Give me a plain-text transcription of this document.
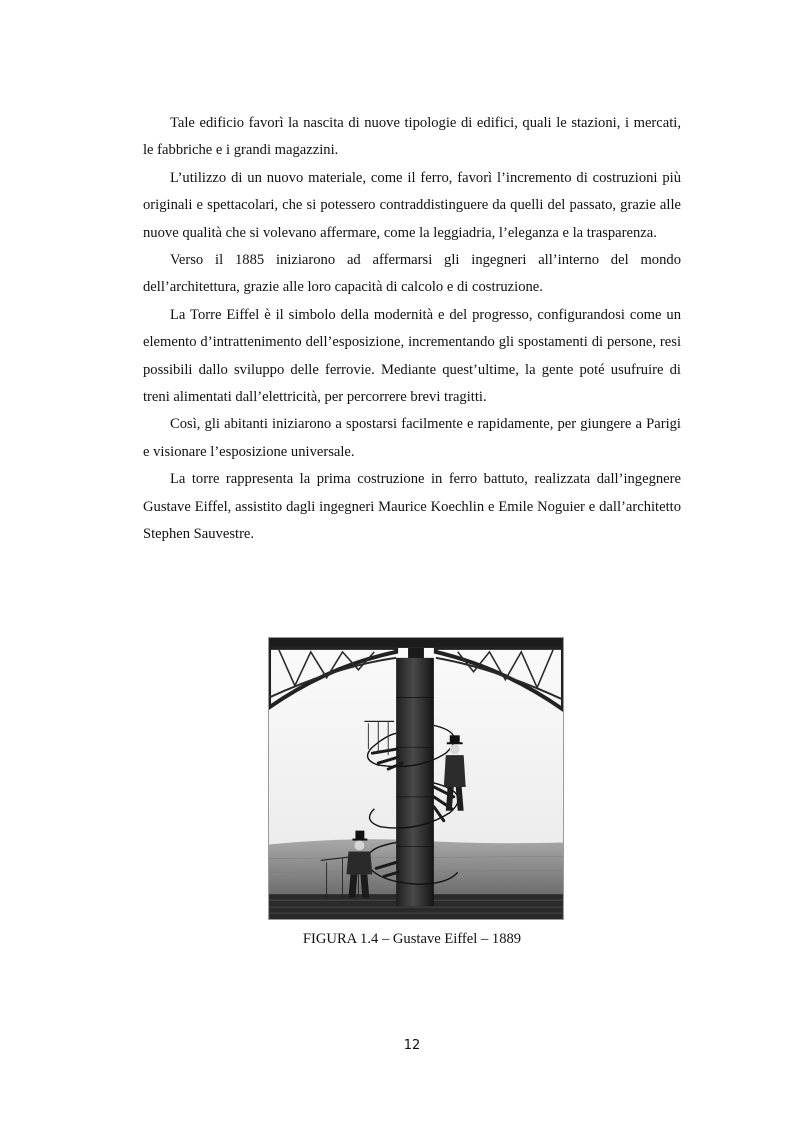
Tale edificio favorì la nascita di nuove tipologie di edifici, quali le stazioni, i mercati, le fabbriche e i grandi magazzini.

L’utilizzo di un nuovo materiale, come il ferro, favorì l’incremento di costruzioni più originali e spettacolari, che si potessero contraddistinguere da quelli del passato, grazie alle nuove qualità che si volevano affermare, come la leggiadria, l’eleganza e la trasparenza.

Verso il 1885 iniziarono ad affermarsi gli ingegneri all’interno del mondo dell’architettura, grazie alle loro capacità di calcolo e di costruzione.

La Torre Eiffel è il simbolo della modernità e del progresso, configurandosi come un elemento d’intrattenimento dell’esposizione, incrementando gli spostamenti di persone, resi possibili dallo sviluppo delle ferrovie. Mediante quest’ultime, la gente poté usufruire di treni alimentati dall’elettricità, per percorrere brevi tragitti.

Così, gli abitanti iniziarono a spostarsi facilmente e rapidamente, per giungere a Parigi e visionare l’esposizione universale.

La torre rappresenta la prima costruzione in ferro battuto, realizzata dall’ingegnere Gustave Eiffel, assistito dagli ingegneri Maurice Koechlin e Emile Noguier e dall’architetto Stephen Sauvestre.

FIGURA 1.4 – Gustave Eiffel – 1889

12
